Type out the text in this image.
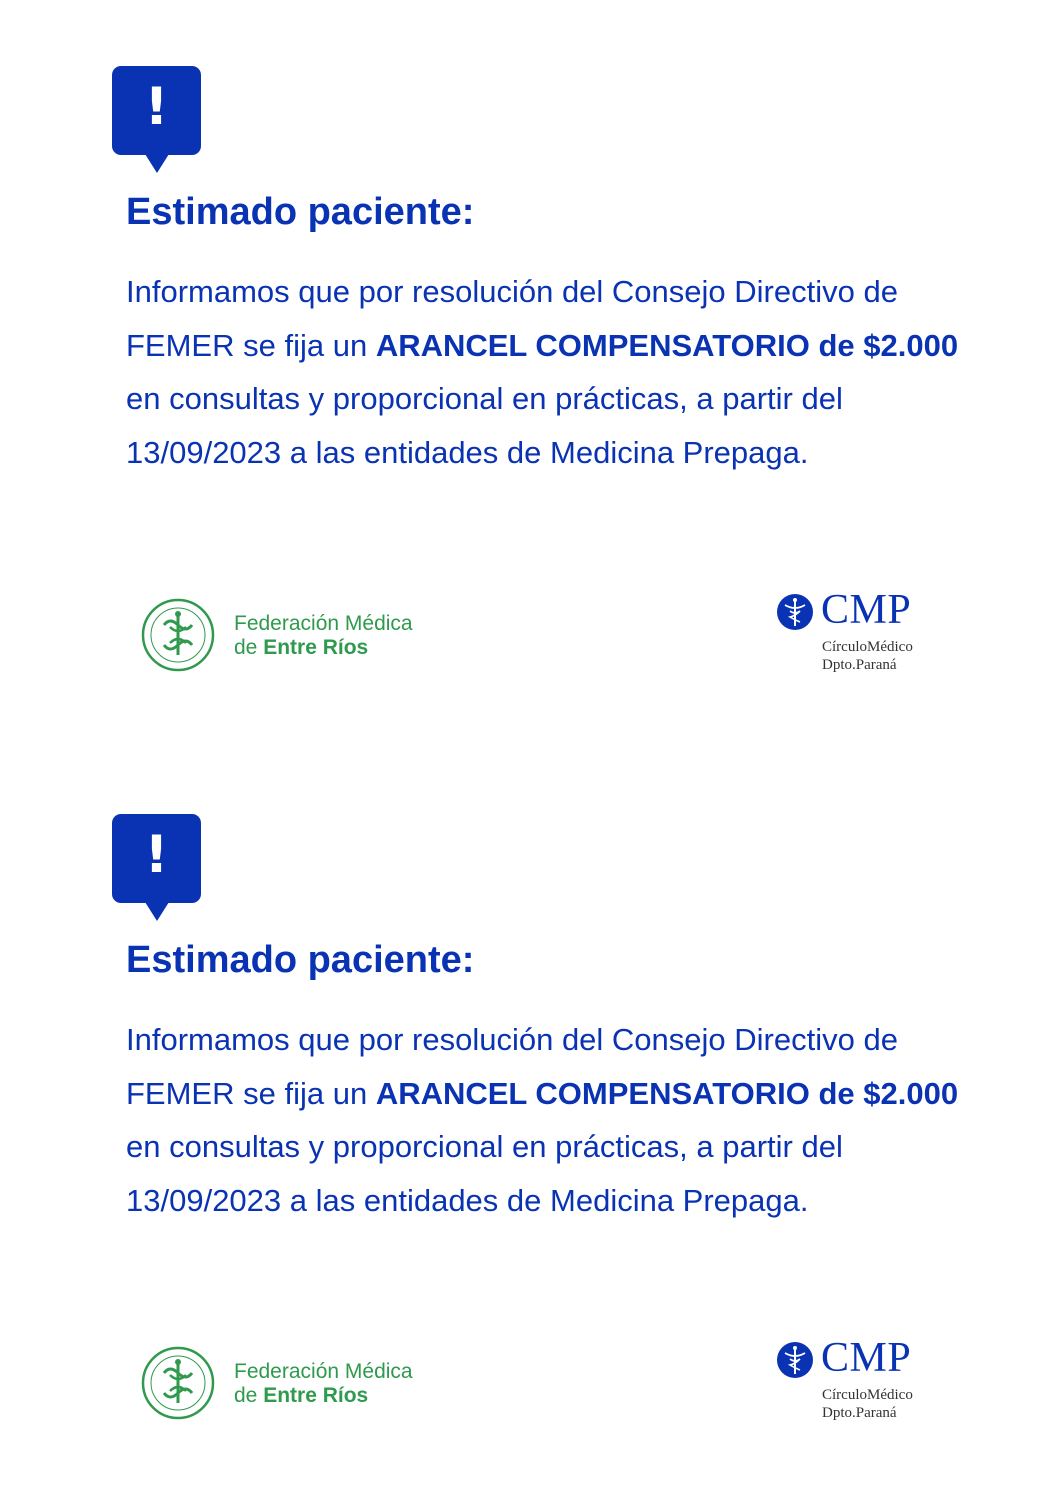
!
Estimado paciente:

Informamos que por resolución del Consejo Directivo de FEMER se fija un ARANCEL COMPENSATORIO de $2.000 en consultas y proporcional en prácticas, a partir del 13/09/2023 a las entidades de Medicina Prepaga.

Federación Médica
de Entre Ríos
CMP
CírculoMédico
Dpto.Paraná
!
Estimado paciente:

Informamos que por resolución del Consejo Directivo de FEMER se fija un ARANCEL COMPENSATORIO de $2.000 en consultas y proporcional en prácticas, a partir del 13/09/2023 a las entidades de Medicina Prepaga.

Federación Médica
de Entre Ríos
CMP
CírculoMédico
Dpto.Paraná
